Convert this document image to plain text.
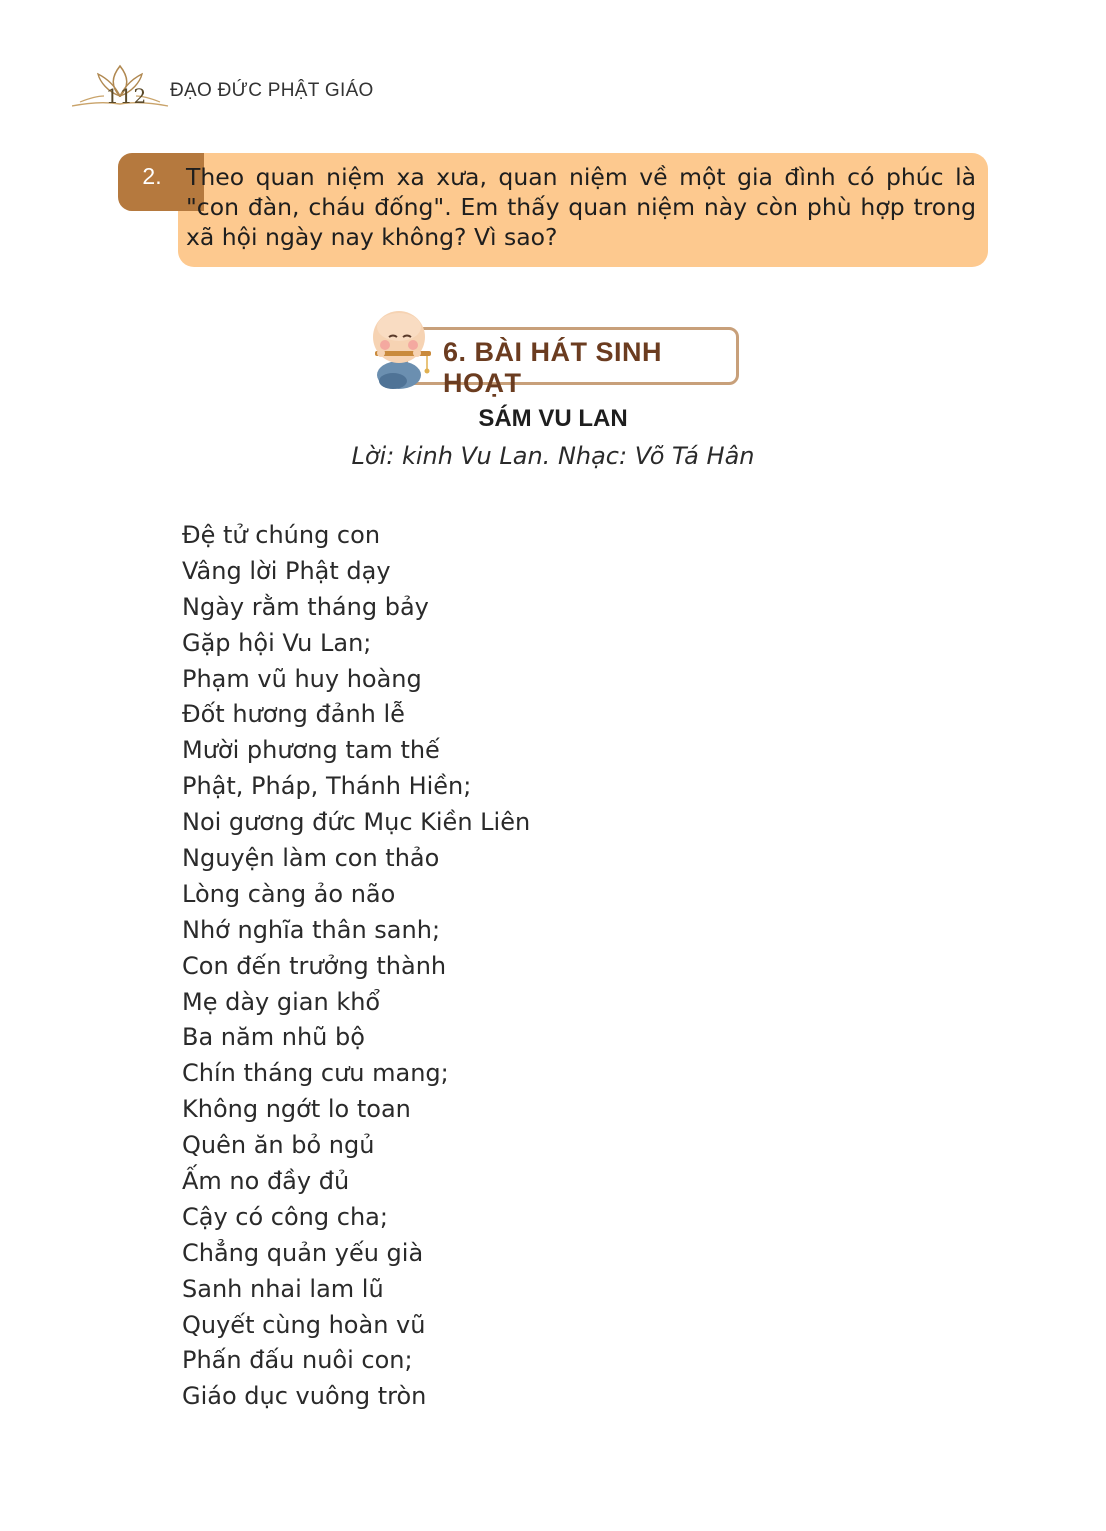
112 ĐẠO ĐỨC PHẬT GIÁO
2.	Theo quan niệm xa xưa, quan niệm về một gia đình có phúc là "con đàn, cháu đống". Em thấy quan niệm này còn phù hợp trong xã hội ngày nay không? Vì sao?
6. BÀI HÁT SINH HOẠT
SÁM VU LAN
Lời: kinh Vu Lan. Nhạc: Võ Tá Hân
Đệ tử chúng con
Vâng lời Phật dạy
Ngày rằm tháng bảy
Gặp hội Vu Lan;
Phạm vũ huy hoàng
Đốt hương đảnh lễ
Mười phương tam thế
Phật, Pháp, Thánh Hiền;
Noi gương đức Mục Kiền Liên
Nguyện làm con thảo
Lòng càng ảo não
Nhớ nghĩa thân sanh;
Con đến trưởng thành
Mẹ dày gian khổ
Ba năm nhũ bộ
Chín tháng cưu mang;
Không ngớt lo toan
Quên ăn bỏ ngủ
Ấm no đầy đủ
Cậy có công cha;
Chẳng quản yếu già
Sanh nhai lam lũ
Quyết cùng hoàn vũ
Phấn đấu nuôi con;
Giáo dục vuông tròn
